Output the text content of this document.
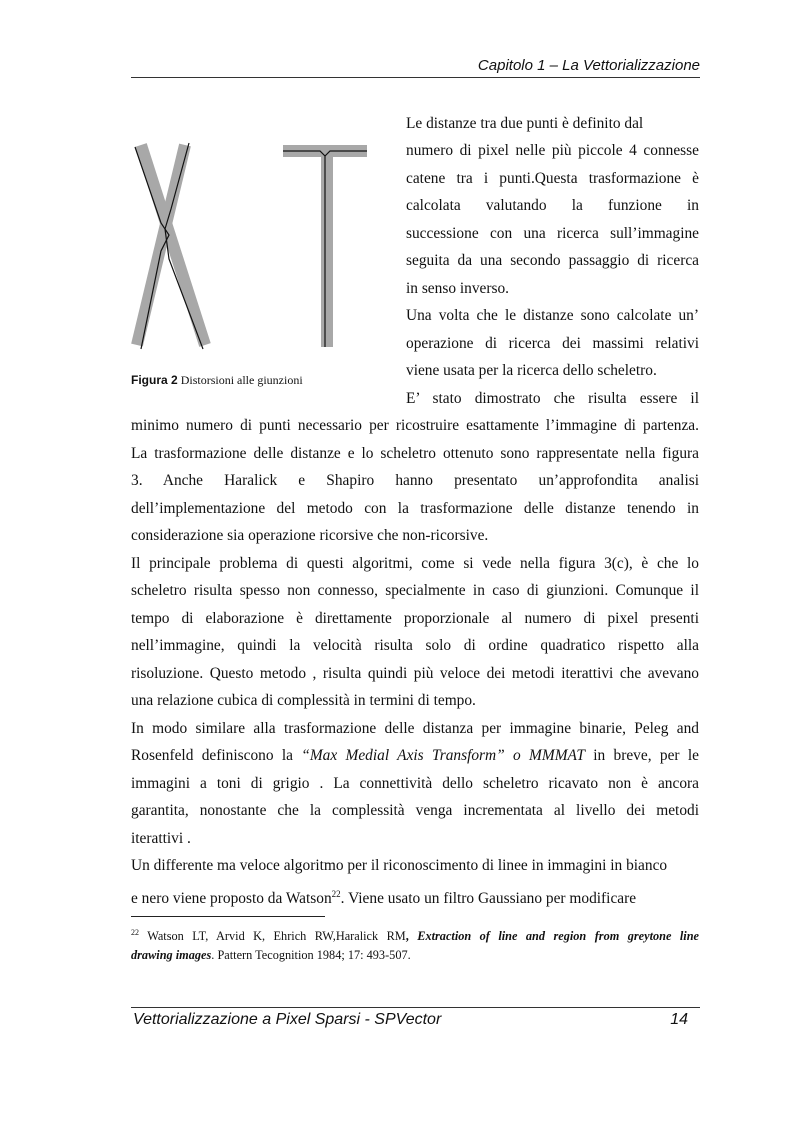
Capitolo 1 – La Vettorializzazione
Figura 2 Distorsioni alle giunzioni

Le distanze tra due punti è definito dal

numero di pixel nelle più piccole 4 connesse

catene tra i punti.Questa trasformazione è

calcolata valutando la funzione in

successione con una ricerca sull’immagine

seguita da una secondo passaggio di ricerca

in senso inverso.

Una volta che le distanze sono calcolate un’

operazione di ricerca dei massimi relativi

viene usata per la ricerca dello scheletro.

E’ stato dimostrato che risulta essere il

minimo numero di punti necessario per ricostruire esattamente l’immagine di partenza.

La trasformazione delle distanze e lo scheletro ottenuto sono rappresentate nella figura

3. Anche Haralick e Shapiro hanno presentato un’approfondita analisi

dell’implementazione del metodo con la trasformazione delle distanze tenendo in

considerazione sia operazione ricorsive che non-ricorsive.

Il principale problema di questi algoritmi, come si vede nella figura 3(c), è che lo

scheletro risulta spesso non connesso, specialmente in caso di giunzioni. Comunque il

tempo di elaborazione è direttamente proporzionale al numero di pixel presenti

nell’immagine, quindi la velocità risulta solo di ordine quadratico rispetto alla

risoluzione. Questo metodo , risulta quindi più veloce dei metodi iterattivi che avevano

una relazione cubica di complessità in termini di tempo.

In modo similare alla trasformazione delle distanza per immagine binarie, Peleg and

Rosenfeld definiscono la “Max Medial Axis Transform” o MMMAT in breve, per le

immagini a toni di grigio . La connettività dello scheletro ricavato non è ancora

garantita, nonostante che la complessità venga incrementata al livello dei metodi

iterattivi .

Un differente ma veloce algoritmo per il riconoscimento di linee in immagini in bianco

e nero viene proposto da Watson$^{22}$. Viene usato un filtro Gaussiano per modificare

$^{22}$ Watson LT, Arvid K, Ehrich RW,Haralick RM, Extraction of line and region from greytone line
drawing images. Pattern Tecognition 1984; 17: 493-507.
Vettorializzazione a Pixel Sparsi - SPVector	14
